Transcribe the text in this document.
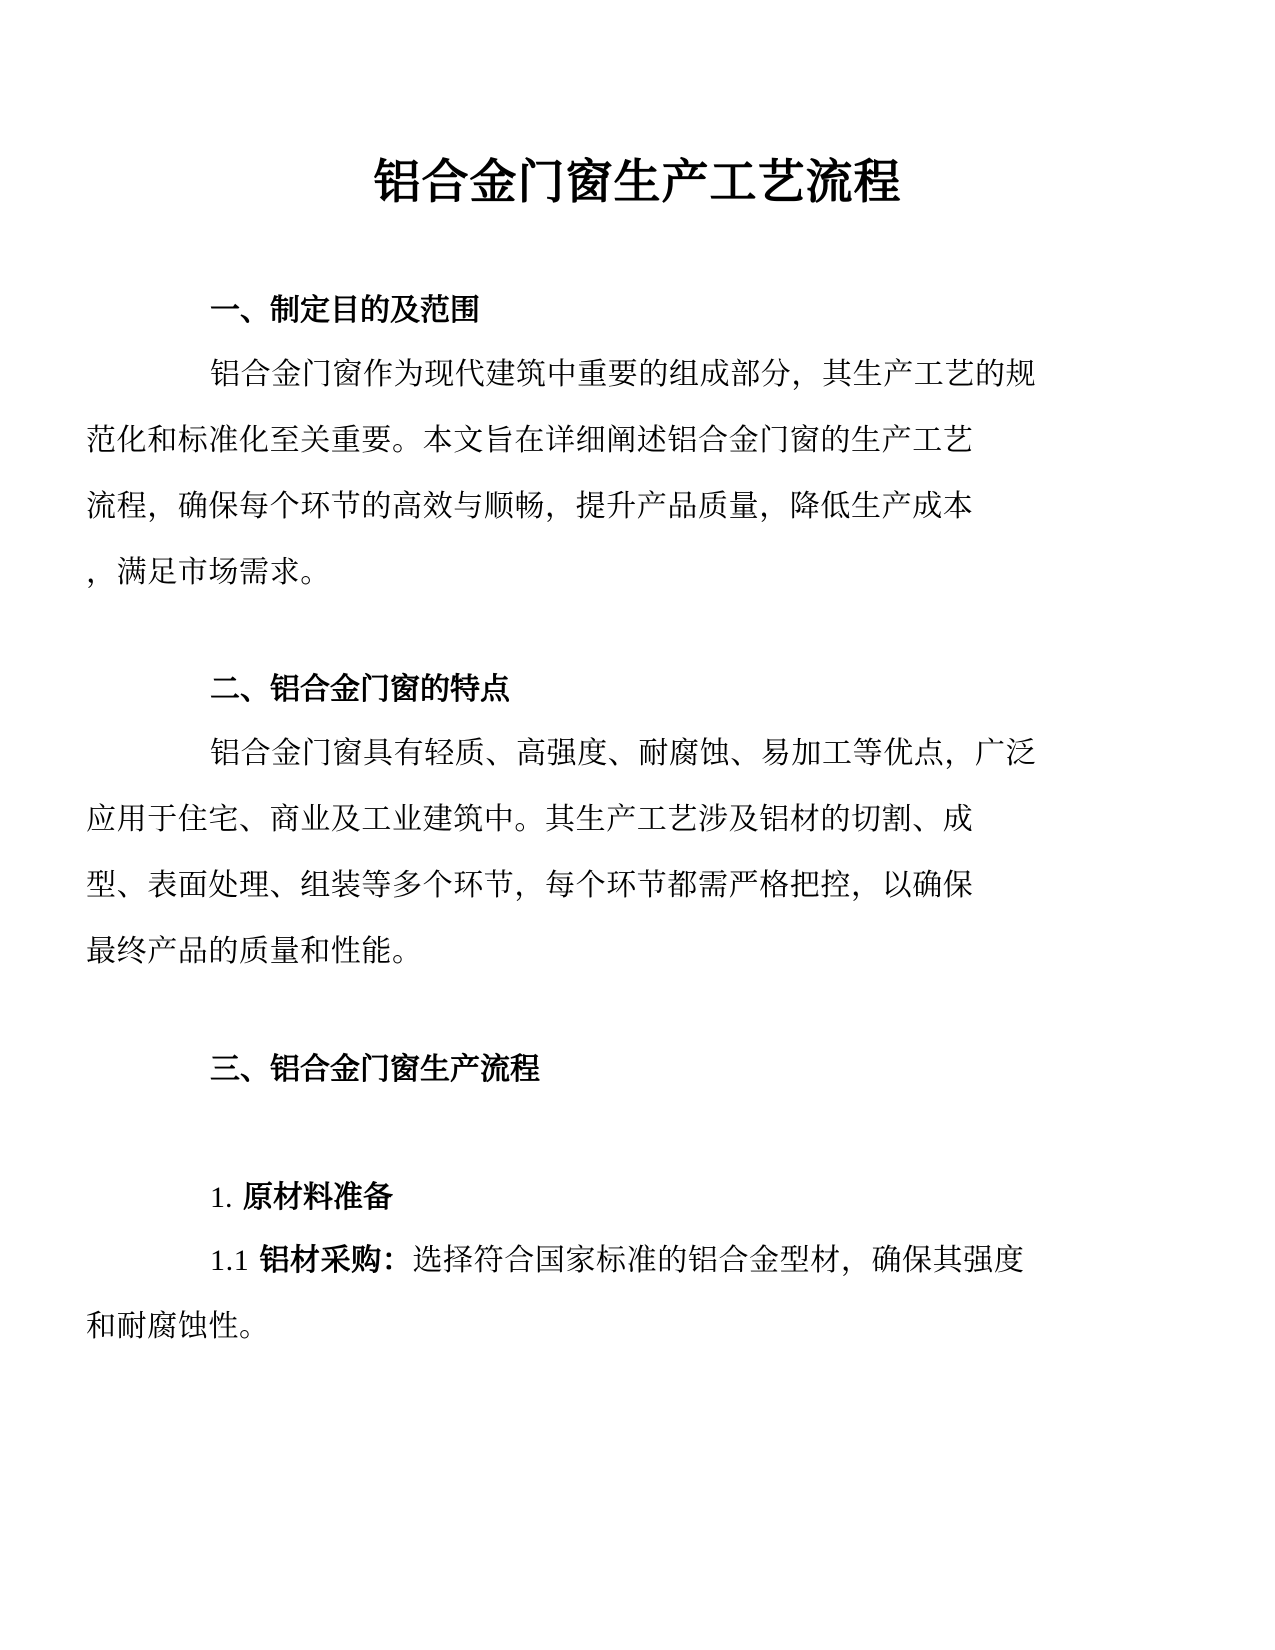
铝合金门窗生产工艺流程
一、制定目的及范围

铝合金门窗作为现代建筑中重要的组成部分，其生产工艺的规
范化和标准化至关重要。本文旨在详细阐述铝合金门窗的生产工艺
流程，确保每个环节的高效与顺畅，提升产品质量，降低生产成本
，满足市场需求。

二、铝合金门窗的特点

铝合金门窗具有轻质、高强度、耐腐蚀、易加工等优点，广泛
应用于住宅、商业及工业建筑中。其生产工艺涉及铝材的切割、成
型、表面处理、组装等多个环节，每个环节都需严格把控，以确保
最终产品的质量和性能。

三、铝合金门窗生产流程
1. 原材料准备

1.1 铝材采购：选择符合国家标准的铝合金型材，确保其强度
和耐腐蚀性。
